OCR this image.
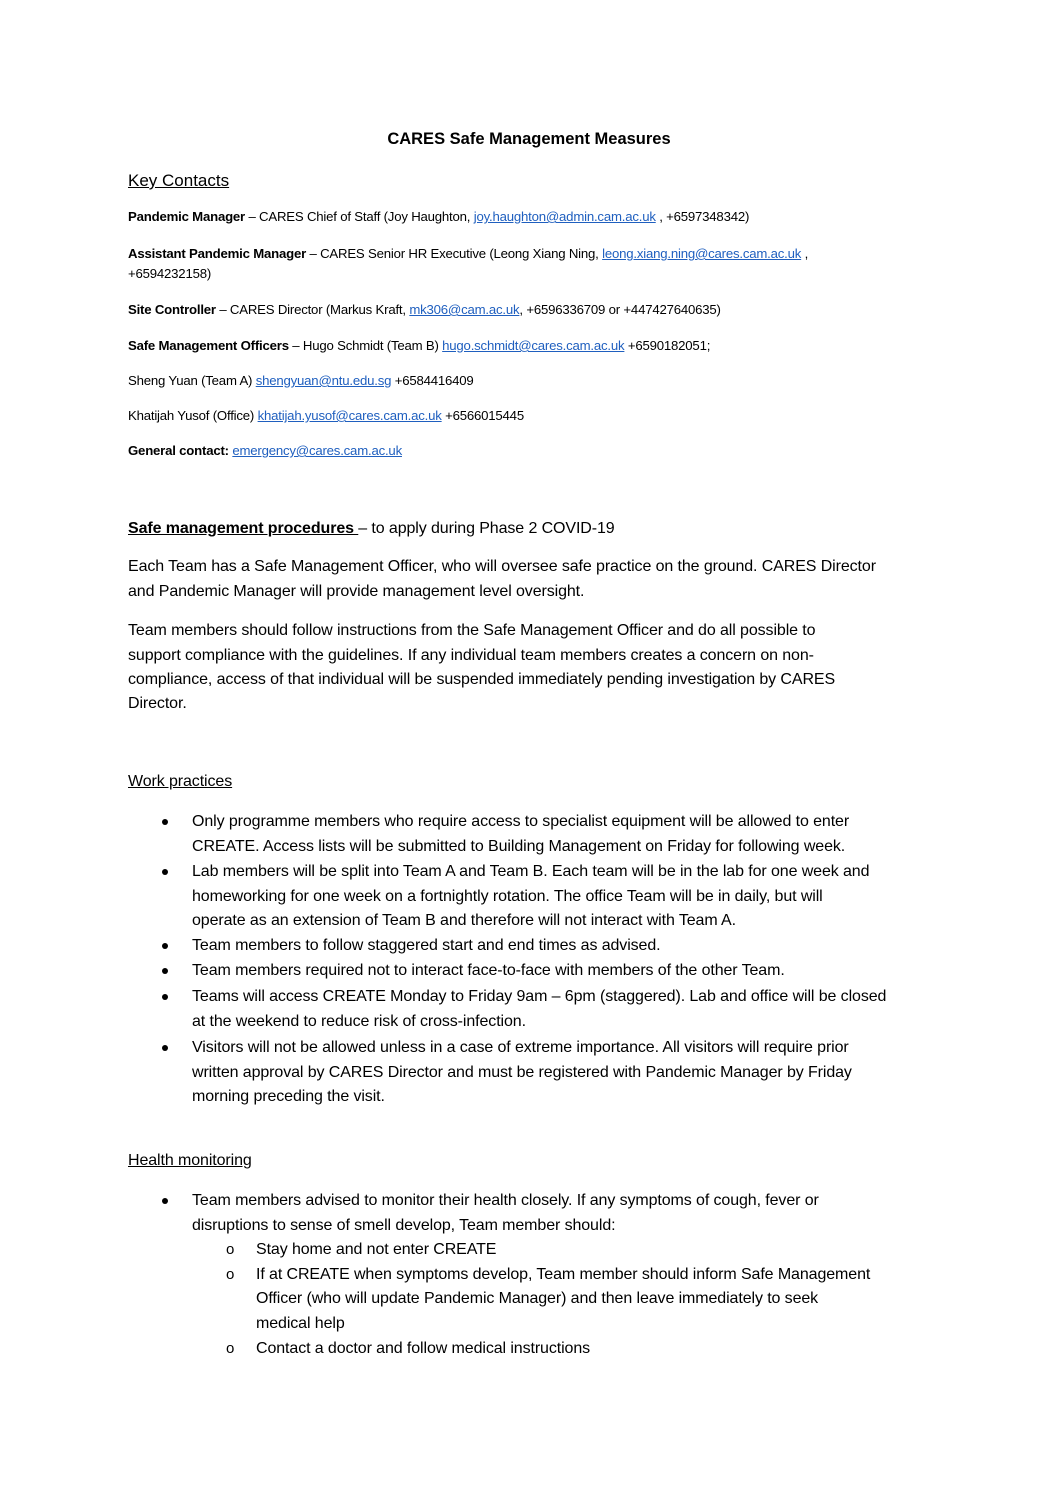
CARES Safe Management Measures
Key Contacts
Pandemic Manager – CARES Chief of Staff (Joy Haughton, joy.haughton@admin.cam.ac.uk , +6597348342)
Assistant Pandemic Manager – CARES Senior HR Executive (Leong Xiang Ning, leong.xiang.ning@cares.cam.ac.uk ,
+6594232158)
Site Controller – CARES Director (Markus Kraft, mk306@cam.ac.uk, +6596336709 or +447427640635)
Safe Management Officers – Hugo Schmidt (Team B) hugo.schmidt@cares.cam.ac.uk +6590182051;
Sheng Yuan (Team A) shengyuan@ntu.edu.sg +6584416409
Khatijah Yusof (Office) khatijah.yusof@cares.cam.ac.uk +6566015445
General contact: emergency@cares.cam.ac.uk
Safe management procedures – to apply during Phase 2 COVID-19
Each Team has a Safe Management Officer, who will oversee safe practice on the ground. CARES Director
and Pandemic Manager will provide management level oversight.
Team members should follow instructions from the Safe Management Officer and do all possible to
support compliance with the guidelines. If any individual team members creates a concern on non-
compliance, access of that individual will be suspended immediately pending investigation by CARES
Director.
Work practices
Only programme members who require access to specialist equipment will be allowed to enter
CREATE. Access lists will be submitted to Building Management on Friday for following week.
Lab members will be split into Team A and Team B. Each team will be in the lab for one week and
homeworking for one week on a fortnightly rotation. The office Team will be in daily, but will
operate as an extension of Team B and therefore will not interact with Team A.
Team members to follow staggered start and end times as advised.
Team members required not to interact face-to-face with members of the other Team.
Teams will access CREATE Monday to Friday 9am – 6pm (staggered). Lab and office will be closed
at the weekend to reduce risk of cross-infection.
Visitors will not be allowed unless in a case of extreme importance. All visitors will require prior
written approval by CARES Director and must be registered with Pandemic Manager by Friday
morning preceding the visit.
Health monitoring
Team members advised to monitor their health closely. If any symptoms of cough, fever or
disruptions to sense of smell develop, Team member should:
o Stay home and not enter CREATE
o If at CREATE when symptoms develop, Team member should inform Safe Management
Officer (who will update Pandemic Manager) and then leave immediately to seek
medical help
o Contact a doctor and follow medical instructions
